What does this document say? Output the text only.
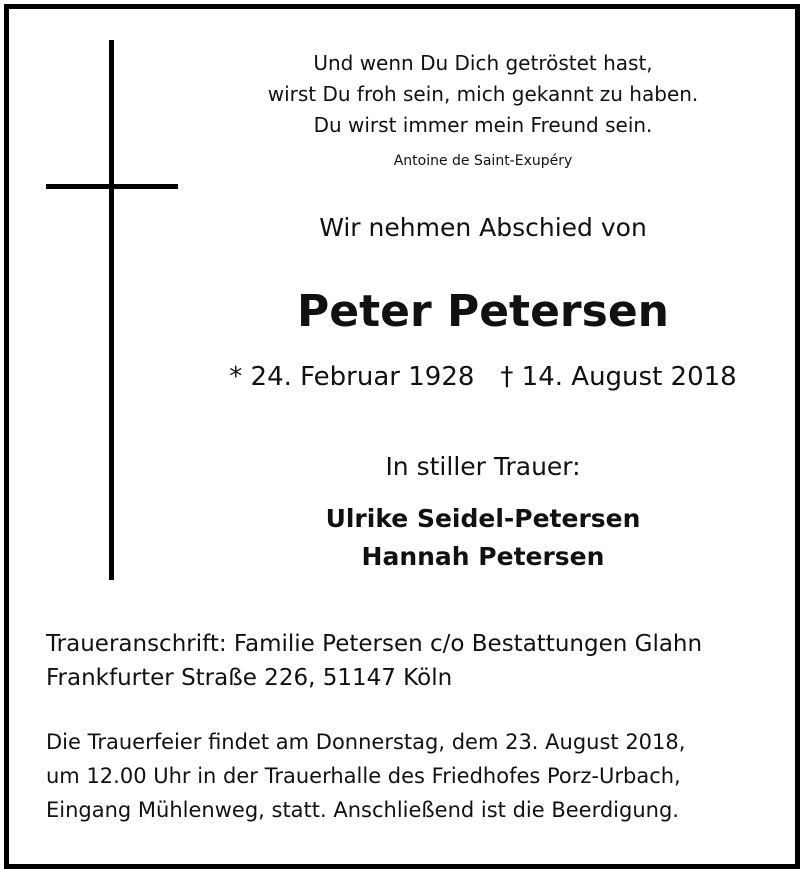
Und wenn Du Dich getröstet hast,
wirst Du froh sein, mich gekannt zu haben.
Du wirst immer mein Freund sein.
Antoine de Saint-Exupéry
Wir nehmen Abschied von
Peter Petersen
* 24. Februar 1928 † 14. August 2018
In stiller Trauer:
Ulrike Seidel-Petersen
Hannah Petersen
Traueranschrift: Familie Petersen c/o Bestattungen Glahn
Frankfurter Straße 226, 51147 Köln
Die Trauerfeier findet am Donnerstag, dem 23. August 2018,
um 12.00 Uhr in der Trauerhalle des Friedhofes Porz-Urbach,
Eingang Mühlenweg, statt. Anschließend ist die Beerdigung.
